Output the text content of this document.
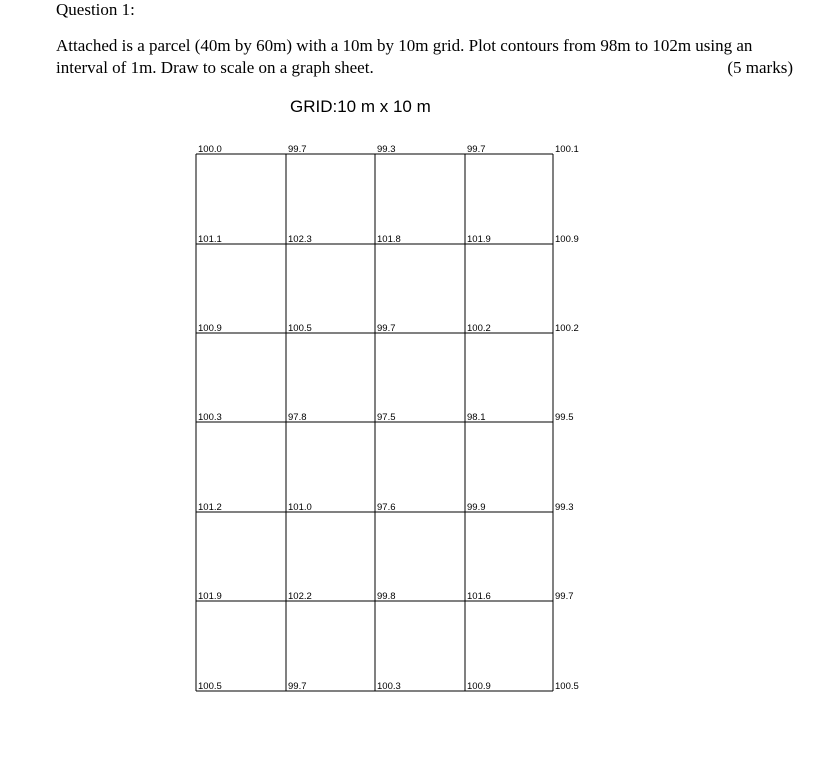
Question 1:
Attached is a parcel (40m by 60m) with a 10m by 10m grid. Plot contours from 98m to 102m using an
interval of 1m. Draw to scale on a graph sheet.	(5 marks)
GRID:10 m x 10 m
100.0	99.7	99.3	99.7	100.1
101.1	102.3	101.8	101.9	100.9
100.9	100.5	99.7	100.2	100.2
100.3	97.8	97.5	98.1	99.5
101.2	101.0	97.6	99.9	99.3
101.9	102.2	99.8	101.6	99.7
100.5	99.7	100.3	100.9	100.5
